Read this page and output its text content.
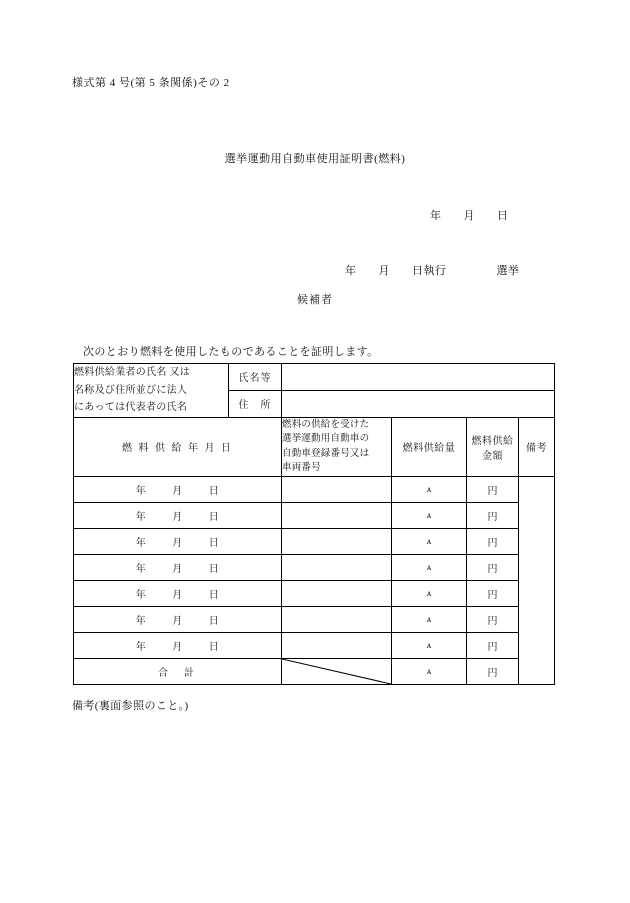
様式第 4 号(第 5 条関係)その 2
選挙運動用自動車使用証明書(燃料)
年 月 日
年 月 日執行	選挙
候補者
次のとおり燃料を使用したものであることを証明します。
燃料供給業者の氏名 又は
名称及び住所並びに法人
にあっては代表者の氏名	氏名等				
	住　所				
燃 料 供 給 年 月 日		燃料の供給を受けた
選挙運動用自動車の
自動車登録番号又は
車両番号	燃料供給量	燃料供給金額	備考
年 月 日			ᴀ	円	
年 月 日			ᴀ	円	
年 月 日			ᴀ	円	
年 月 日			ᴀ	円	
年 月 日			ᴀ	円	
年 月 日			ᴀ	円	
年 月 日			ᴀ	円	
合　計			ᴀ	円	
備考(裏面参照のこと。)
